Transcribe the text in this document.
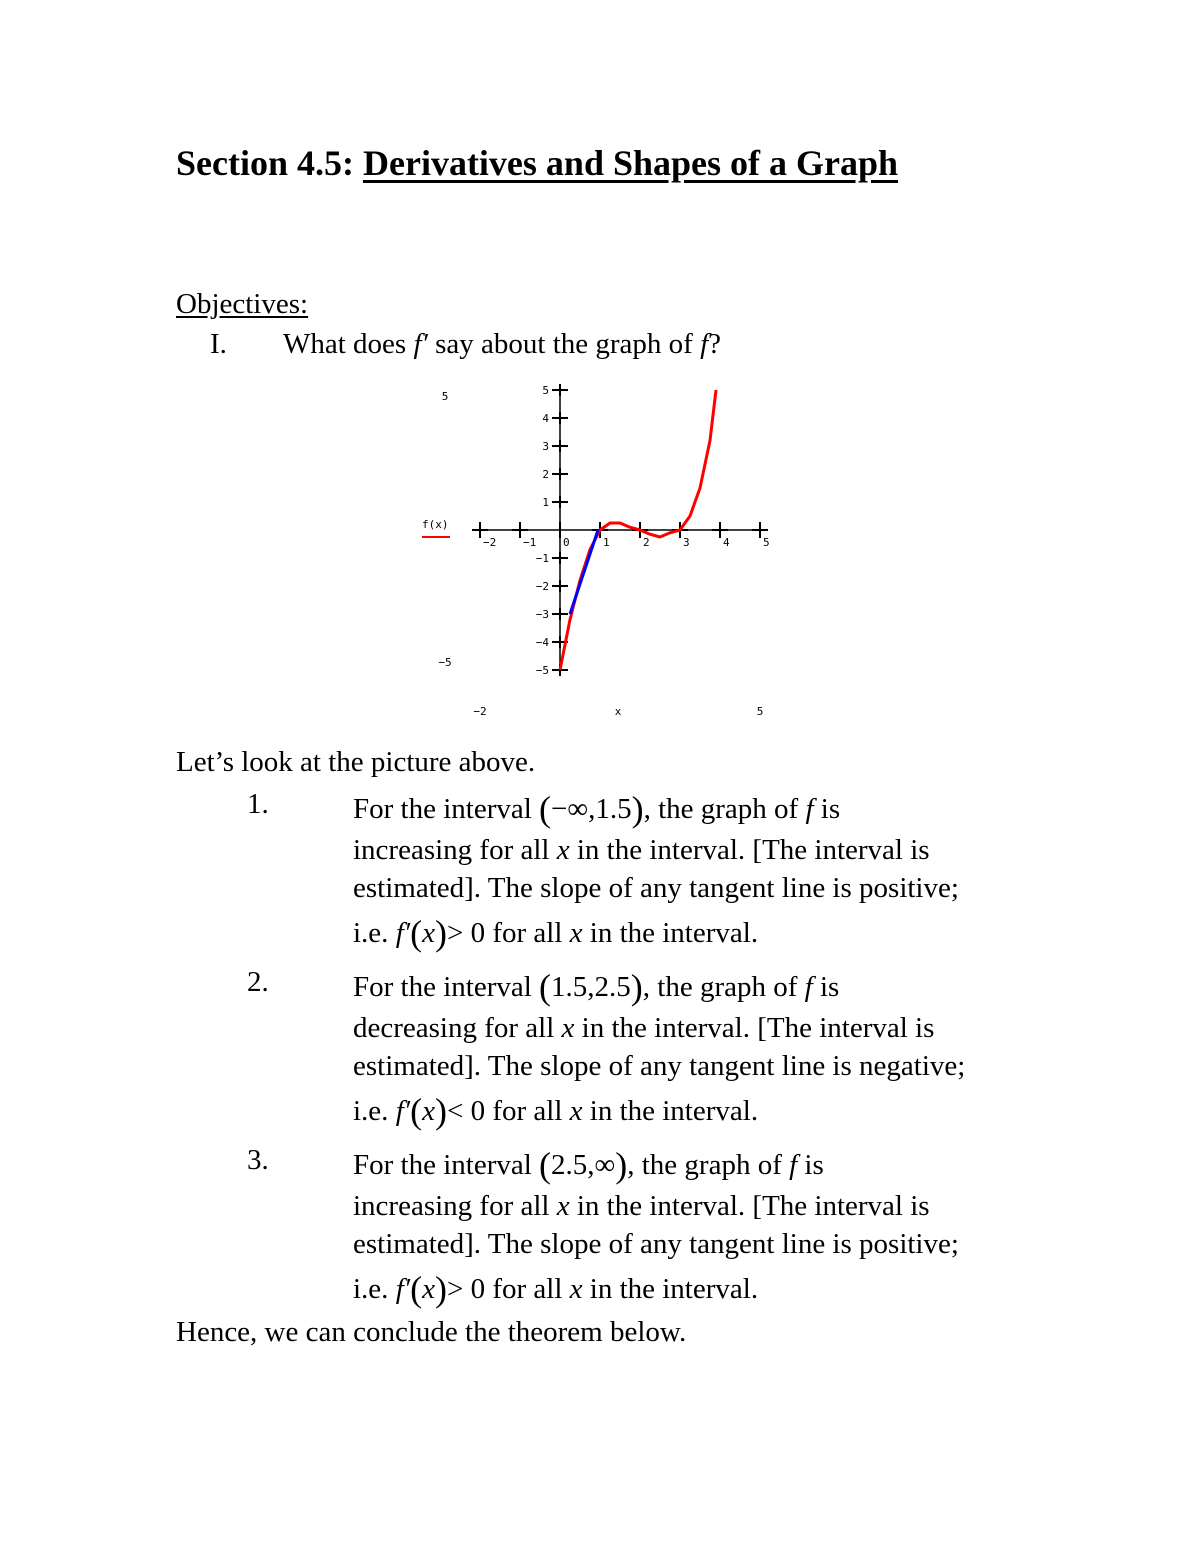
Section 4.5: Derivatives and Shapes of a Graph
Objectives:
I. What does f′ say about the graph of f?
−2 −1 0	1	2	3	4	5
5
4
3
2
1
−1
−2
−3
−4
−5
5
−5
−2	5
x
f(x)
Let’s look at the picture above.
1.	For the interval (−∞,1.5), the graph of f is
increasing for all x in the interval. [The interval is
estimated]. The slope of any tangent line is positive;
i.e. f′(x)> 0 for all x in the interval.
2.	For the interval (1.5,2.5), the graph of f is
decreasing for all x in the interval. [The interval is
estimated]. The slope of any tangent line is negative;
i.e. f′(x)< 0 for all x in the interval.
3.	For the interval (2.5,∞), the graph of f is
increasing for all x in the interval. [The interval is
estimated]. The slope of any tangent line is positive;
i.e. f′(x)> 0 for all x in the interval.
Hence, we can conclude the theorem below.
